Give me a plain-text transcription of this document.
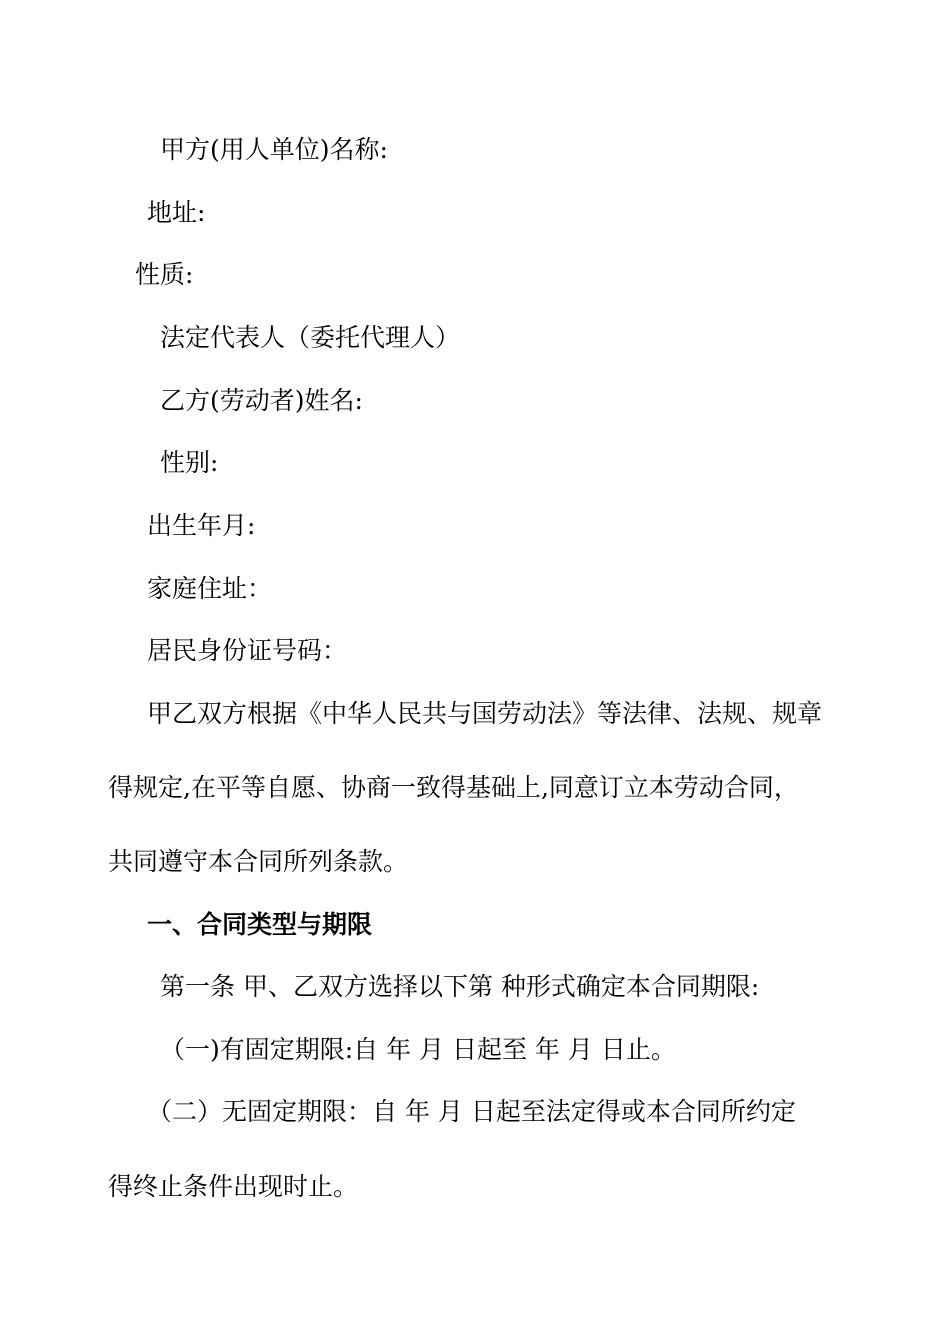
甲方(用人单位)名称:
地址:
性质:
法定代表人（委托代理人）
乙方(劳动者)姓名:
性别:
出生年月:
家庭住址：
居民身份证号码：
甲乙双方根据《中华人民共与国劳动法》等法律、法规、规章
得规定,在平等自愿、协商一致得基础上,同意订立本劳动合同，
共同遵守本合同所列条款。
一、合同类型与期限
第一条 甲、乙双方选择以下第 种形式确定本合同期限:
（一)有固定期限:自 年 月 日起至 年 月 日止。
（二）无固定期限：自 年 月 日起至法定得或本合同所约定
得终止条件出现时止。
